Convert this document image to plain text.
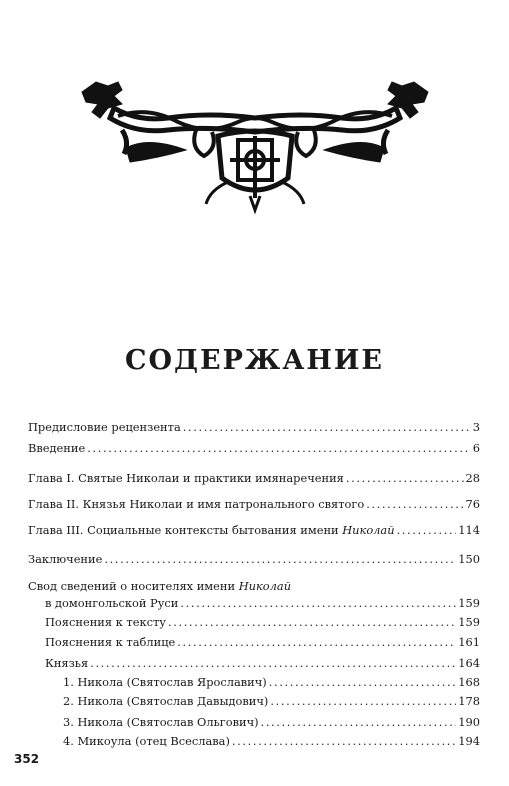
СОДЕРЖАНИЕ
Предисловие рецензента . . .	3
Введение . . .	6
Глава I. Святые Николаи и практики имянаречения . . .	28
Глава II. Князья Николаи и имя патронального святого . . .	76
Глава III. Социальные контексты бытования имени Николай . . .	114
Заключение . . .	150
Свод сведений о носителях имени Николай
в домонгольской Руси . . .	159
Пояснения к тексту . . .	159
Пояснения к таблице . . .	161
Князья . . .	164
1. Никола (Святослав Ярославич) . . .	168
2. Никола (Святослав Давыдович) . . .	178
3. Никола (Святослав Ольгович) . . .	190
4. Микоула (отец Всеслава) . . .	194
352
